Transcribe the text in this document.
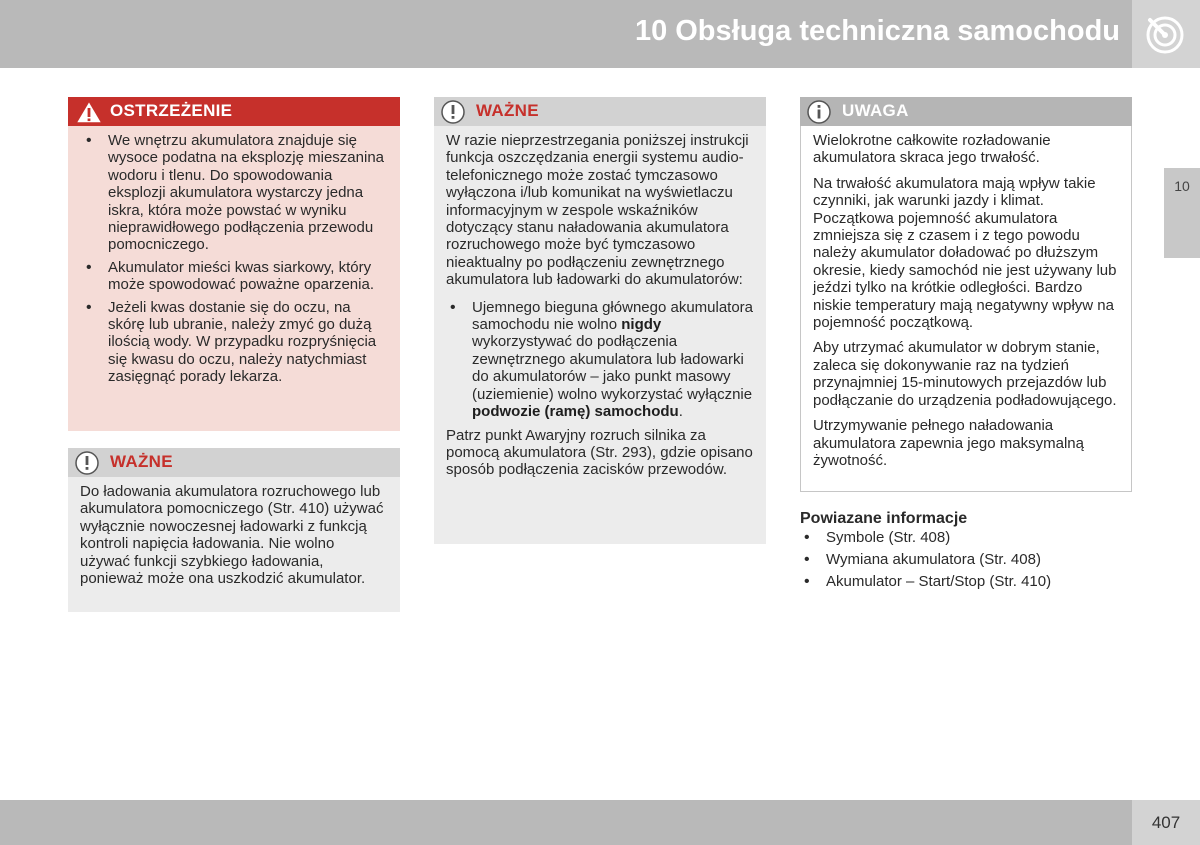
10 Obsługa techniczna samochodu
10
OSTRZEŻENIE
• We wnętrzu akumulatora znajduje się wysoce podatna na eksplozję mieszanina wodoru i tlenu. Do spowodowania eksplozji akumulatora wystarczy jedna iskra, która może powstać w wyniku nieprawidłowego podłączenia przewodu pomocniczego.
• Akumulator mieści kwas siarkowy, który może spowodować poważne oparzenia.
• Jeżeli kwas dostanie się do oczu, na skórę lub ubranie, należy zmyć go dużą ilością wody. W przypadku rozpryśnięcia się kwasu do oczu, należy natychmiast zasięgnąć porady lekarza.
WAŻNE

Do ładowania akumulatora rozruchowego lub akumulatora pomocniczego (Str. 410) używać wyłącznie nowoczesnej ładowarki z funkcją kontroli napięcia ładowania. Nie wolno używać funkcji szybkiego ładowania, ponieważ może ona uszkodzić akumulator.

WAŻNE

W razie nieprzestrzegania poniższej instrukcji funkcja oszczędzania energii systemu audio-telefonicznego może zostać tymczasowo wyłączona i/lub komunikat na wyświetlaczu informacyjnym w zespole wskaźników dotyczący stanu naładowania akumulatora rozruchowego może być tymczasowo nieaktualny po podłączeniu zewnętrznego akumulatora lub ładowarki do akumulatorów:

• Ujemnego bieguna głównego akumulatora samochodu nie wolno nigdy wykorzystywać do podłączenia zewnętrznego akumulatora lub ładowarki do akumulatorów – jako punkt masowy (uziemienie) wolno wykorzystać wyłącznie podwozie (ramę) samochodu.

Patrz punkt Awaryjny rozruch silnika za pomocą akumulatora (Str. 293), gdzie opisano sposób podłączenia zacisków przewodów.

UWAGA

Wielokrotne całkowite rozładowanie akumulatora skraca jego trwałość.

Na trwałość akumulatora mają wpływ takie czynniki, jak warunki jazdy i klimat. Początkowa pojemność akumulatora zmniejsza się z czasem i z tego powodu należy akumulator doładować po dłuższym okresie, kiedy samochód nie jest używany lub jeździ tylko na krótkie odległości. Bardzo niskie temperatury mają negatywny wpływ na pojemność początkową.

Aby utrzymać akumulator w dobrym stanie, zaleca się dokonywanie raz na tydzień przynajmniej 15-minutowych przejazdów lub podłączanie do urządzenia podładowującego.

Utrzymywanie pełnego naładowania akumulatora zapewnia jego maksymalną żywotność.

Powiazane informacje
• Symbole (Str. 408)
• Wymiana akumulatora (Str. 408)
• Akumulator – Start/Stop (Str. 410)
407
